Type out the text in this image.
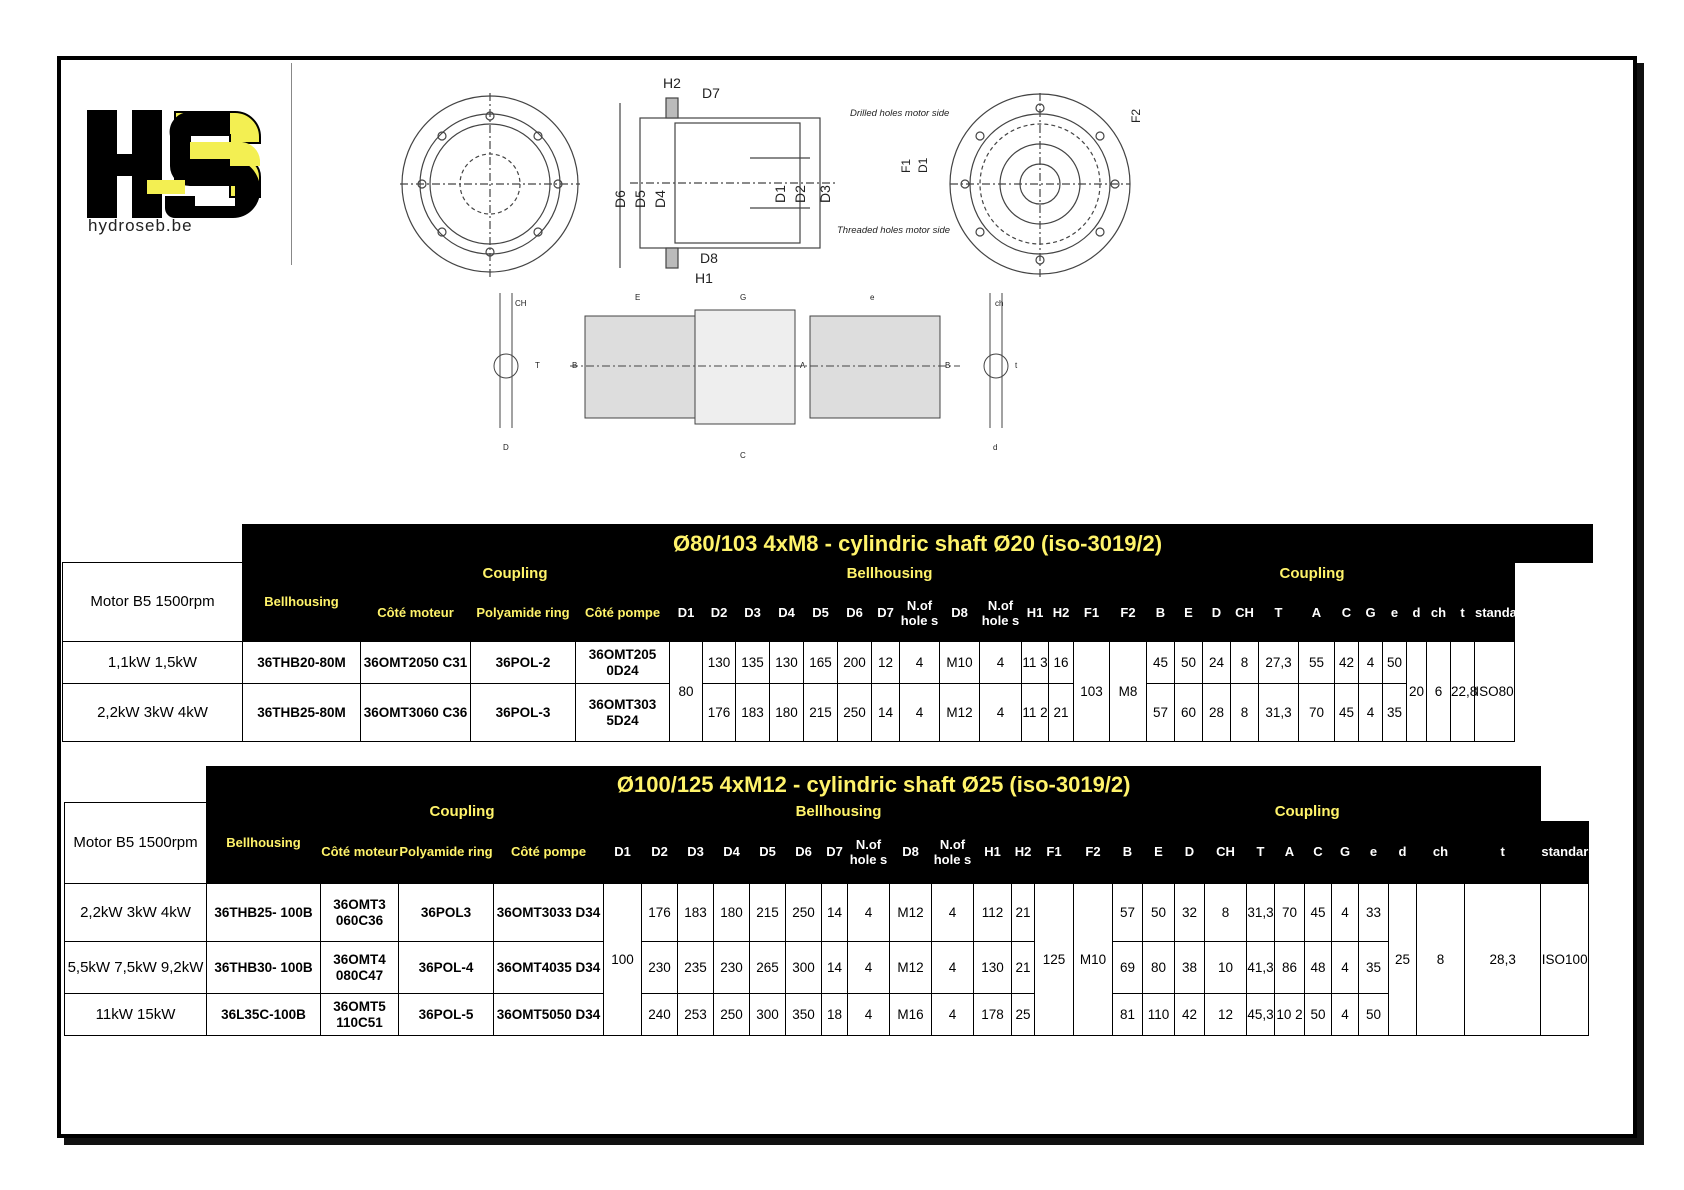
hydroseb.be
H2
D7
D6 D5 D4	D1 D2 D3
D8
H1
Drilled holes motor side
Threaded holes motor side
F2
F1 D1
CH
E	G	e
ch
B
T	A	B	t
D
C
d
	Ø80/103 4xM8 - cylindric shaft Ø20 (iso-3019/2)																														
Motor B5 1500rpm	Bellhousing	Coupling			Bellhousing													Coupling													
		Côté moteur	Polyamide ring	Côté pompe	D1	D2	D3	D4	D5	D6	D7	N.of hole s	D8	N.of hole s	H1	H2	F1	F2	B	E	D	CH	T	A	C	G	e	d	ch	t	standard

1,1kW 1,5kW	36THB20-80M	36OMT2050 C31	36POL-2	36OMT205 0D24	80	130	135	130	165	200	12	4	M10	4	11 3	16	103	M8	45	50	24	8	27,3	55	42	4	50	20	6	22,8	ISO80
2,2kW 3kW 4kW	36THB25-80M	36OMT3060 C36	36POL-3	36OMT303 5D24		176	183	180	215	250	14	4	M12	4	11 2	21			57	60	28	8	31,3	70	45	4	35				
	Ø100/125 4xM12 - cylindric shaft Ø25 (iso-3019/2)																														
Motor B5 1500rpm	Bellhousing	Coupling			Bellhousing													Coupling													
		Côté moteur	Polyamide ring	Côté pompe	D1	D2	D3	D4	D5	D6	D7	N.of hole s	D8	N.of hole s	H1	H2	F1	F2	B	E	D	CH	T	A	C	G	e	d	ch	t	standard
2,2kW 3kW 4kW	36THB25- 100B	36OMT3 060C36	36POL3	36OMT3033 D34	100	176	183	180	215	250	14	4	M12	4	112	21	125	M10	57	50	32	8	31,3	70	45	4	33	25	8	28,3	ISO100
5,5kW 7,5kW 9,2kW	36THB30- 100B	36OMT4 080C47	36POL-4	36OMT4035 D34		230	235	230	265	300	14	4	M12	4	130	21			69	80	38	10	41,3	86	48	4	35				
11kW 15kW	36L35C-100B	36OMT5 110C51	36POL-5	36OMT5050 D34		240	253	250	300	350	18	4	M16	4	178	25			81	110	42	12	45,3	10 2	50	4	50				
